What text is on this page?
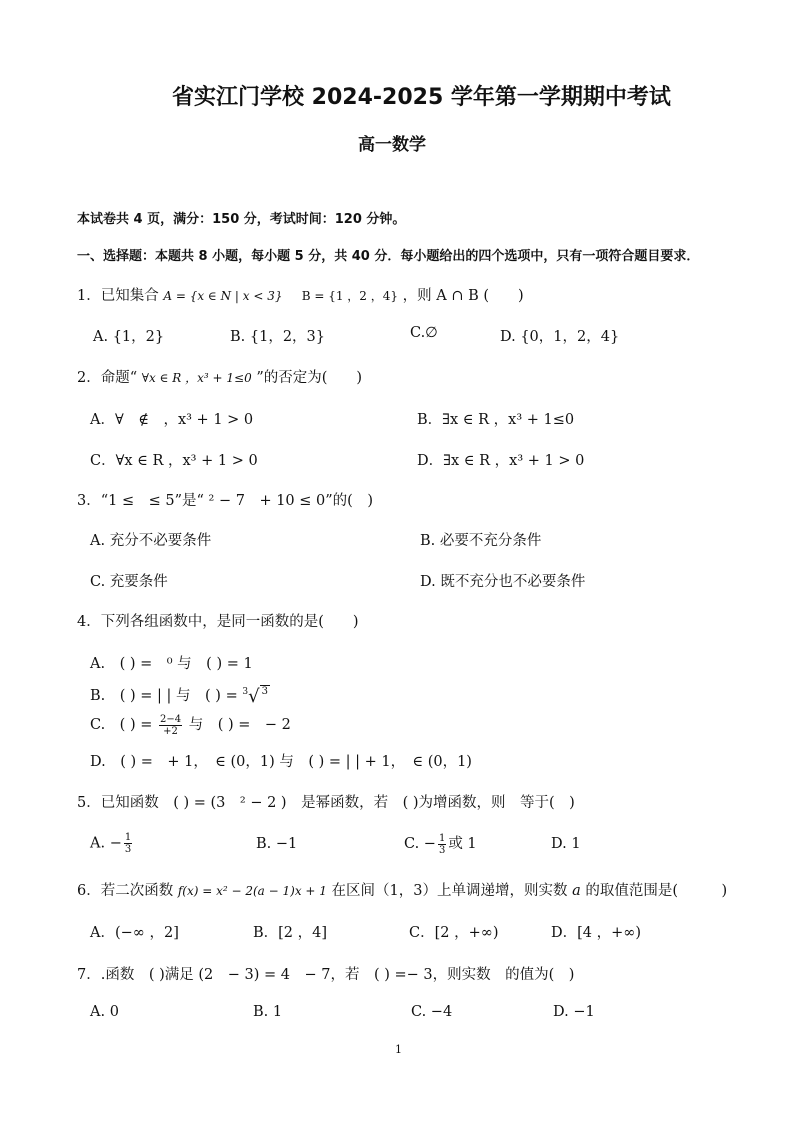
省实江门学校 2024-2025 学年第一学期期中考试
高一数学
本试卷共 4 页，满分：150 分，考试时间：120 分钟。
一、选择题：本题共 8 小题，每小题 5 分，共 40 分．每小题给出的四个选项中，只有一项符合题目要求．
1．已知集合 A = {x ∈ N | x < 3} B = {1 ，2 ，4} ，则 A ∩ B (　　)
A. {1，2}	B. {1，2，3}	C.∅	D. {0，1，2，4}
2．命题“ ∀x ∈ R ，x³ + 1≤0 ”的否定为(　　)
A．∀　∉　，x³ + 1 > 0	B．∃x ∈ R ，x³ + 1≤0
C．∀x ∈ R ，x³ + 1 > 0	D．∃x ∈ R ，x³ + 1 > 0
3．“1 ≤　≤ 5”是“ ² − 7　+ 10 ≤ 0”的(　)
A. 充分不必要条件	B. 必要不充分条件
C. 充要条件	D. 既不充分也不必要条件
4．下列各组函数中，是同一函数的是(　　)
A.　( ) =　⁰ 与　( ) = 1
B.　( ) = | | 与　( ) = $^3$√ $^3$
C.　( ) = $\frac{2-4}{+2}$ 与　( ) =　− 2
D.　( ) =　+ 1，　∈ (0，1) 与　( ) = | | + 1，　∈ (0，1)
5．已知函数　( ) = (3　² − 2 )　是幂函数，若　( )为增函数，则　等于(　)
A. − $\frac{1}{3}$	B. −1	C. − $\frac{1}{3}$ 或 1	D. 1
6．若二次函数 f(x) = x² − 2(a − 1)x + 1 在区间（1，3）上单调递增，则实数 a 的取值范围是(　　　)
A．(−∞ ，2]	B．[2 ，4]	C．[2 ，+∞)	D．[4 ，+∞)
7．.函数　( )满足 (2　− 3) = 4　− 7，若　( ) =− 3，则实数　的值为(　)
A. 0	B. 1	C. −4	D. −1
1
